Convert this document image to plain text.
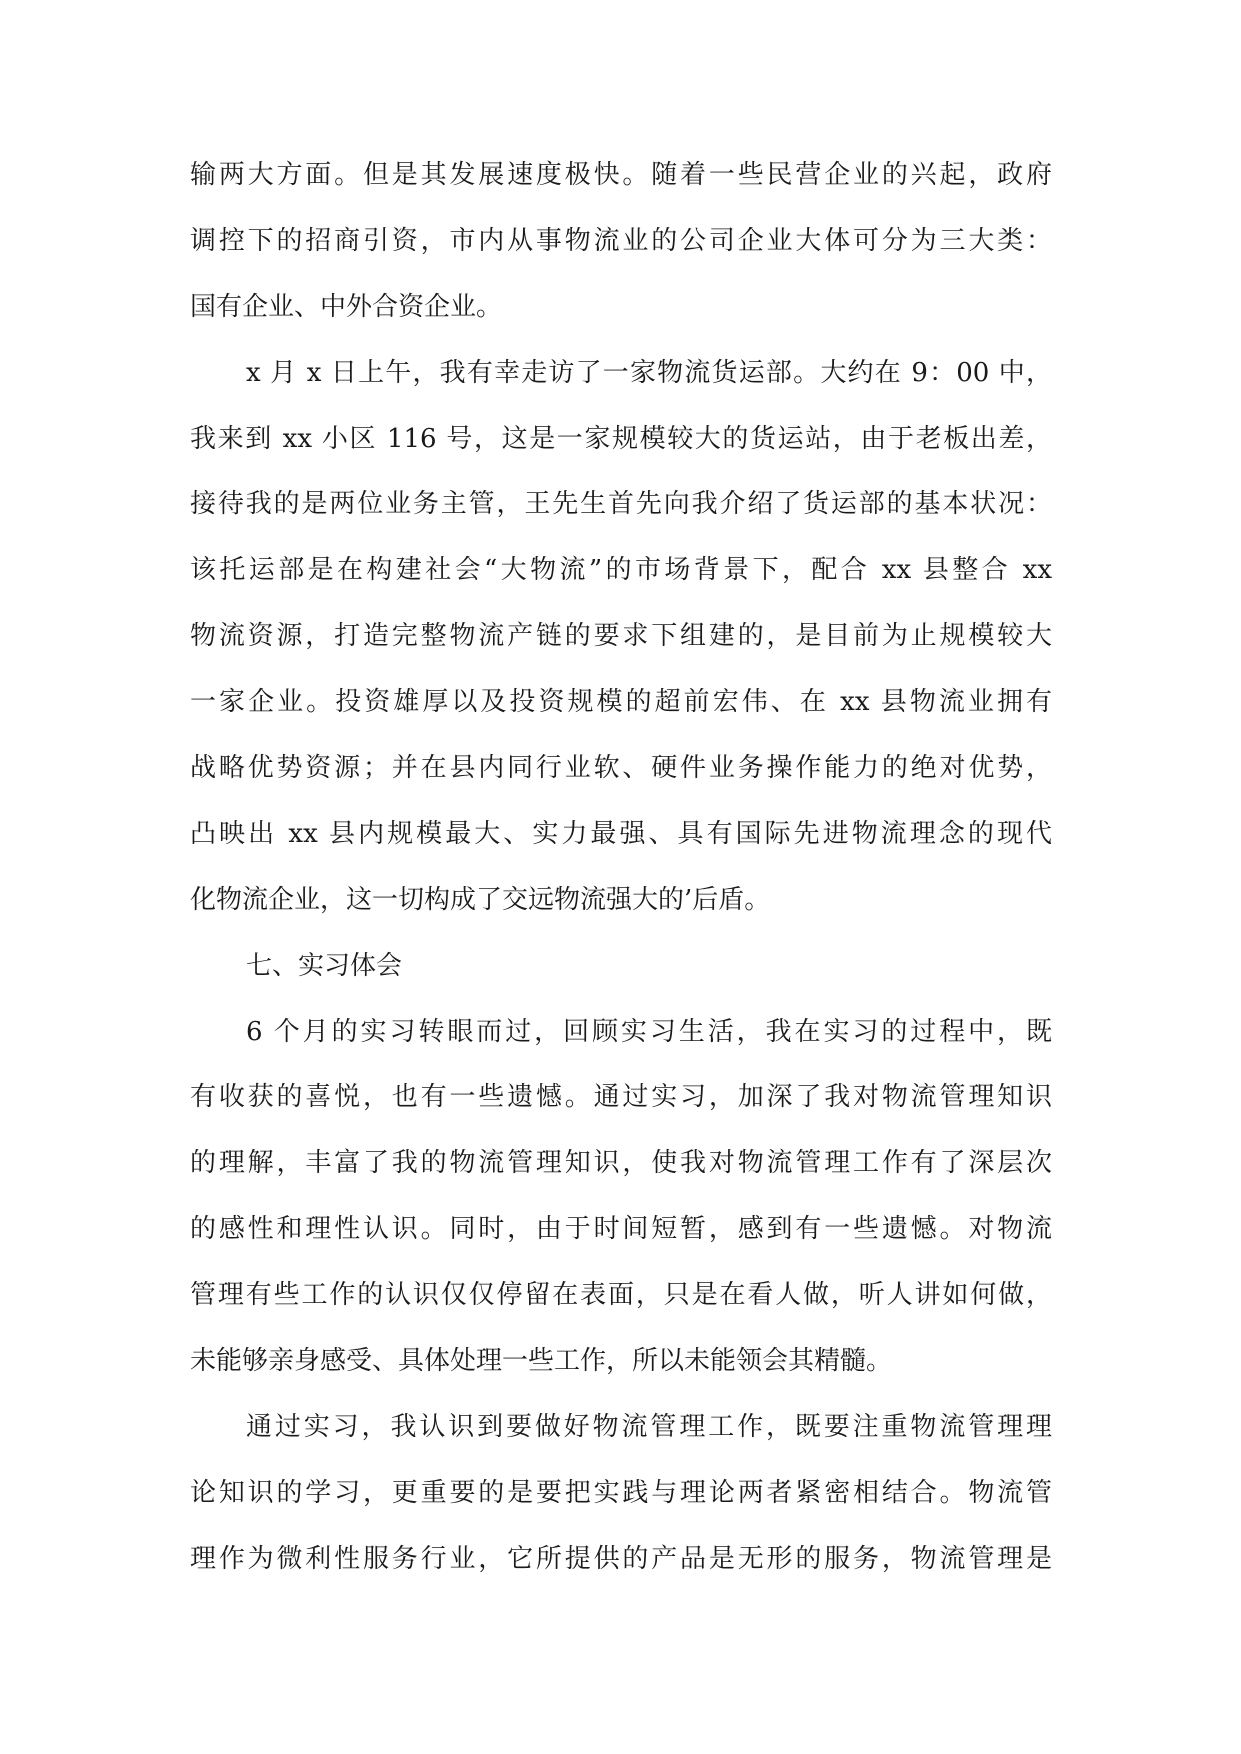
输两大方面。但是其发展速度极快。随着一些民营企业的兴起，政府
调控下的招商引资，市内从事物流业的公司企业大体可分为三大类：
国有企业、中外合资企业。
x 月 x 日上午，我有幸走访了一家物流货运部。大约在 9：00 中，
我来到 xx 小区 116 号，这是一家规模较大的货运站，由于老板出差，
接待我的是两位业务主管，王先生首先向我介绍了货运部的基本状况：
该托运部是在构建社会“大物流”的市场背景下，配合 xx 县整合 xx
物流资源，打造完整物流产链的要求下组建的，是目前为止规模较大
一家企业。投资雄厚以及投资规模的超前宏伟、在 xx 县物流业拥有
战略优势资源；并在县内同行业软、硬件业务操作能力的绝对优势，
凸映出 xx 县内规模最大、实力最强、具有国际先进物流理念的现代
化物流企业，这一切构成了交远物流强大的’后盾。
七、实习体会
6 个月的实习转眼而过，回顾实习生活，我在实习的过程中，既
有收获的喜悦，也有一些遗憾。通过实习，加深了我对物流管理知识
的理解，丰富了我的物流管理知识，使我对物流管理工作有了深层次
的感性和理性认识。同时，由于时间短暂，感到有一些遗憾。对物流
管理有些工作的认识仅仅停留在表面，只是在看人做，听人讲如何做，
未能够亲身感受、具体处理一些工作，所以未能领会其精髓。
通过实习，我认识到要做好物流管理工作，既要注重物流管理理
论知识的学习，更重要的是要把实践与理论两者紧密相结合。物流管
理作为微利性服务行业，它所提供的产品是无形的服务，物流管理是
